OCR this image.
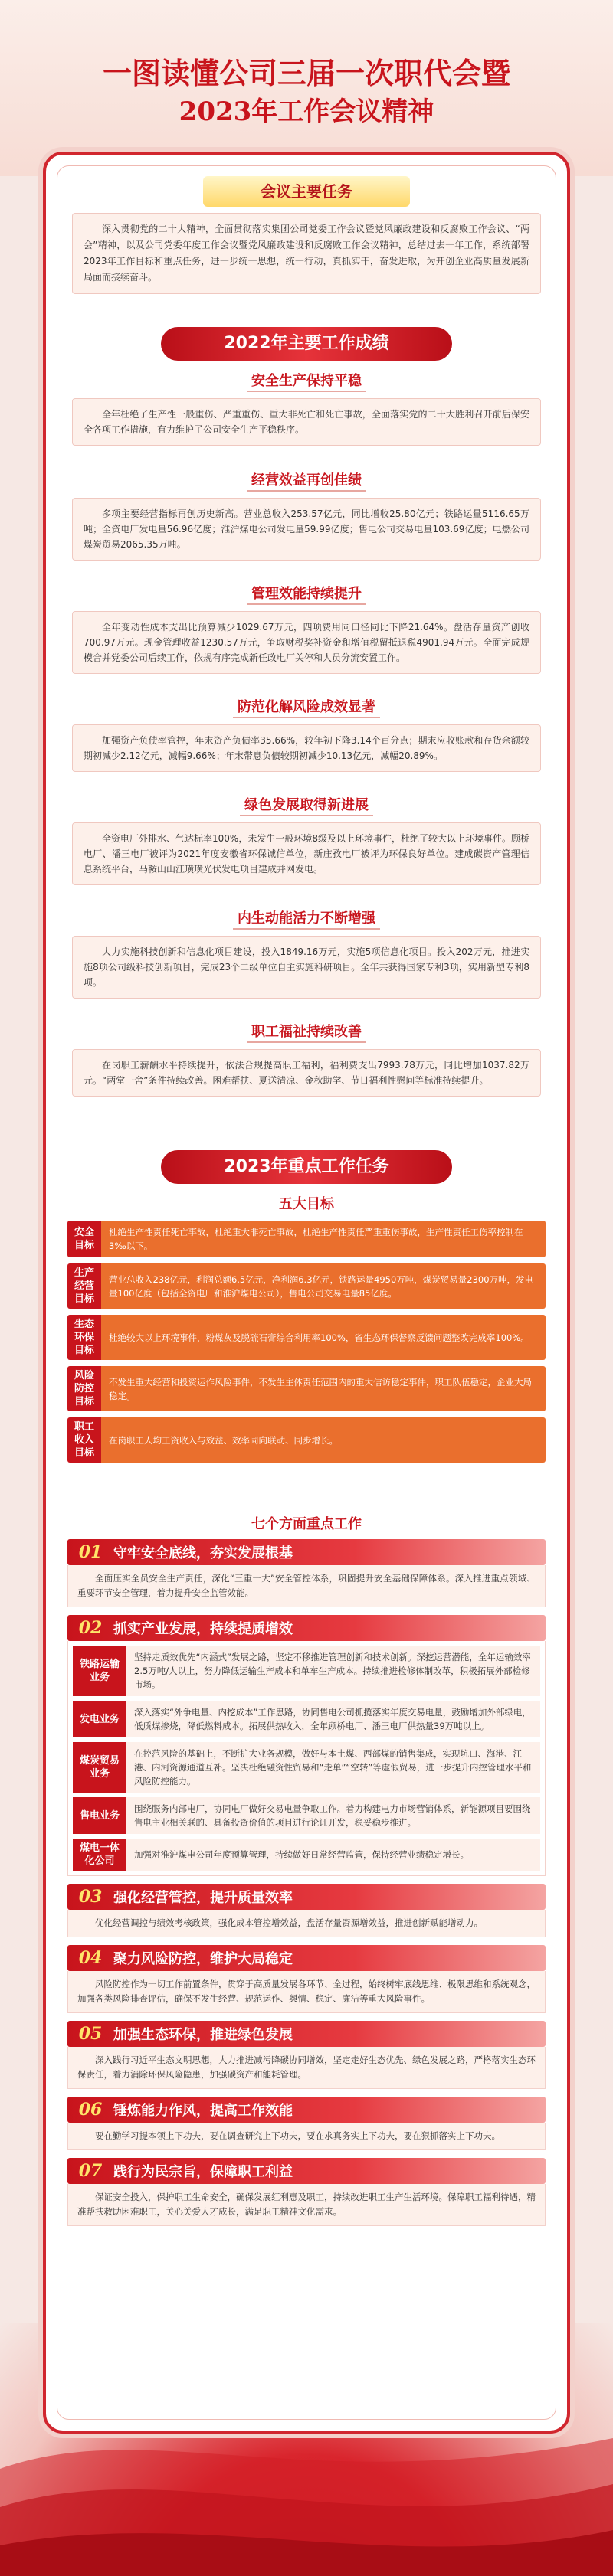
一图读懂公司三届一次职代会暨
2023年工作会议精神
会议主要任务
深入贯彻党的二十大精神，全面贯彻落实集团公司党委工作会议暨党风廉政建设和反腐败工作会议、“两会”精神，以及公司党委年度工作会议暨党风廉政建设和反腐败工作会议精神，总结过去一年工作，系统部署2023年工作目标和重点任务，进一步统一思想，统一行动，真抓实干，奋发进取，为开创企业高质量发展新局面而接续奋斗。
2022年主要工作成绩
安全生产保持平稳
全年杜绝了生产性一般重伤、严重重伤、重大非死亡和死亡事故，全面落实党的二十大胜利召开前后保安全各项工作措施，有力维护了公司安全生产平稳秩序。
经营效益再创佳绩
多项主要经营指标再创历史新高。营业总收入253.57亿元，同比增收25.80亿元；铁路运量5116.65万吨；全资电厂发电量56.96亿度；淮沪煤电公司发电量59.99亿度；售电公司交易电量103.69亿度；电燃公司煤炭贸易2065.35万吨。
管理效能持续提升
全年变动性成本支出比预算减少1029.67万元，四项费用同口径同比下降21.64%。盘活存量资产创收700.97万元。现金管理收益1230.57万元，争取财税奖补资金和增值税留抵退税4901.94万元。全面完成规模合并党委公司后续工作，依规有序完成新任政电厂关停和人员分流安置工作。
防范化解风险成效显著
加强资产负债率管控，年末资产负债率35.66%，较年初下降3.14个百分点；期末应收账款和存货余额较期初减少2.12亿元，减幅9.66%；年末带息负债较期初减少10.13亿元，减幅20.89%。
绿色发展取得新进展
全资电厂外排水、气达标率100%，未发生一般环境8级及以上环境事件，杜绝了较大以上环境事件。顾桥电厂、潘三电厂被评为2021年度安徽省环保诚信单位，新庄孜电厂被评为环保良好单位。建成碳资产管理信息系统平台，马鞍山山江璜璜光伏发电项目建成并网发电。
内生动能活力不断增强
大力实施科技创新和信息化项目建设，投入1849.16万元，实施5项信息化项目。投入202万元，推进实施8项公司级科技创新项目，完成23个二级单位自主实施科研项目。全年共获得国家专利3项，实用新型专利8项。
职工福祉持续改善
在岗职工薪酬水平持续提升，依法合规提高职工福利，福利费支出7993.78万元，同比增加1037.82万元。“两堂一舍”条件持续改善。困难帮扶、夏送清凉、金秋助学、节日福利性慰问等标准持续提升。
2023年重点工作任务
五大目标
安全目标
杜绝生产性责任死亡事故，杜绝重大非死亡事故，杜绝生产性责任严重重伤事故，生产性责任工伤率控制在3‰以下。
生产经营目标
营业总收入238亿元，利润总额6.5亿元，净利润6.3亿元，铁路运量4950万吨，煤炭贸易量2300万吨，发电量100亿度（包括全资电厂和淮沪煤电公司），售电公司交易电量85亿度。
生态环保目标
杜绝较大以上环境事件，粉煤灰及脱硫石膏综合利用率100%，省生态环保督察反馈问题整改完成率100%。
风险防控目标
不发生重大经营和投资运作风险事件，不发生主体责任范围内的重大信访稳定事件，职工队伍稳定，企业大局稳定。
职工收入目标
在岗职工人均工资收入与效益、效率同向联动、同步增长。
七个方面重点工作
01 守牢安全底线，夯实发展根基
全面压实全员安全生产责任，深化“三重一大”安全管控体系，巩固提升安全基础保障体系。深入推进重点领域、重要环节安全管理，着力提升安全监管效能。
02 抓实产业发展，持续提质增效
铁路运输业务
坚持走质效优先“内涵式”发展之路，坚定不移推进管理创新和技术创新。深挖运营潜能，全年运输效率2.5万吨/人以上，努力降低运输生产成本和单车生产成本。持续推进检修体制改革，积极拓展外部检修市场。
发电业务
深入落实“外争电量、内挖成本”工作思路，协同售电公司抓揽落实年度交易电量，鼓励增加外部绿电，低质煤掺烧，降低燃料成本。拓展供热收入，全年顾桥电厂、潘三电厂供热量39万吨以上。
煤炭贸易业务
在控范风险的基础上，不断扩大业务规模，做好与本土煤、西部煤的销售集成，实现坑口、海港、江港、内河资源通道互补。坚决杜绝融资性贸易和“走单”“空转”等虚假贸易，进一步提升内控管理水平和风险防控能力。
售电业务
围绕服务内部电厂，协同电厂做好交易电量争取工作。着力构建电力市场营销体系，新能源项目要围绕售电主业相关联的、具备投资价值的项目进行论证开发，稳妥稳步推进。
煤电一体化公司
加强对淮沪煤电公司年度预算管理，持续做好日常经营监管，保持经营业绩稳定增长。
03 强化经营管控，提升质量效率
优化经营调控与绩效考核政策，强化成本管控增效益，盘活存量资源增效益，推进创新赋能增动力。
04 聚力风险防控，维护大局稳定
风险防控作为一切工作前置条件，贯穿于高质量发展各环节、全过程，始终树牢底线思维、极限思维和系统观念，加强各类风险排查评估，确保不发生经营、规范运作、舆情、稳定、廉洁等重大风险事件。
05 加强生态环保，推进绿色发展
深入践行习近平生态文明思想，大力推进减污降碳协同增效，坚定走好生态优先、绿色发展之路，严格落实生态环保责任，着力消除环保风险隐患，加强碳资产和能耗管理。
06 锤炼能力作风，提高工作效能
要在勤学习提本领上下功夫，要在调查研究上下功夫，要在求真务实上下功夫，要在狠抓落实上下功夫。
07 践行为民宗旨，保障职工利益
保证安全投入，保护职工生命安全，确保发展红利惠及职工，持续改进职工生产生活环境。保障职工福利待遇，精准帮扶救助困难职工，关心关爱人才成长，满足职工精神文化需求。
